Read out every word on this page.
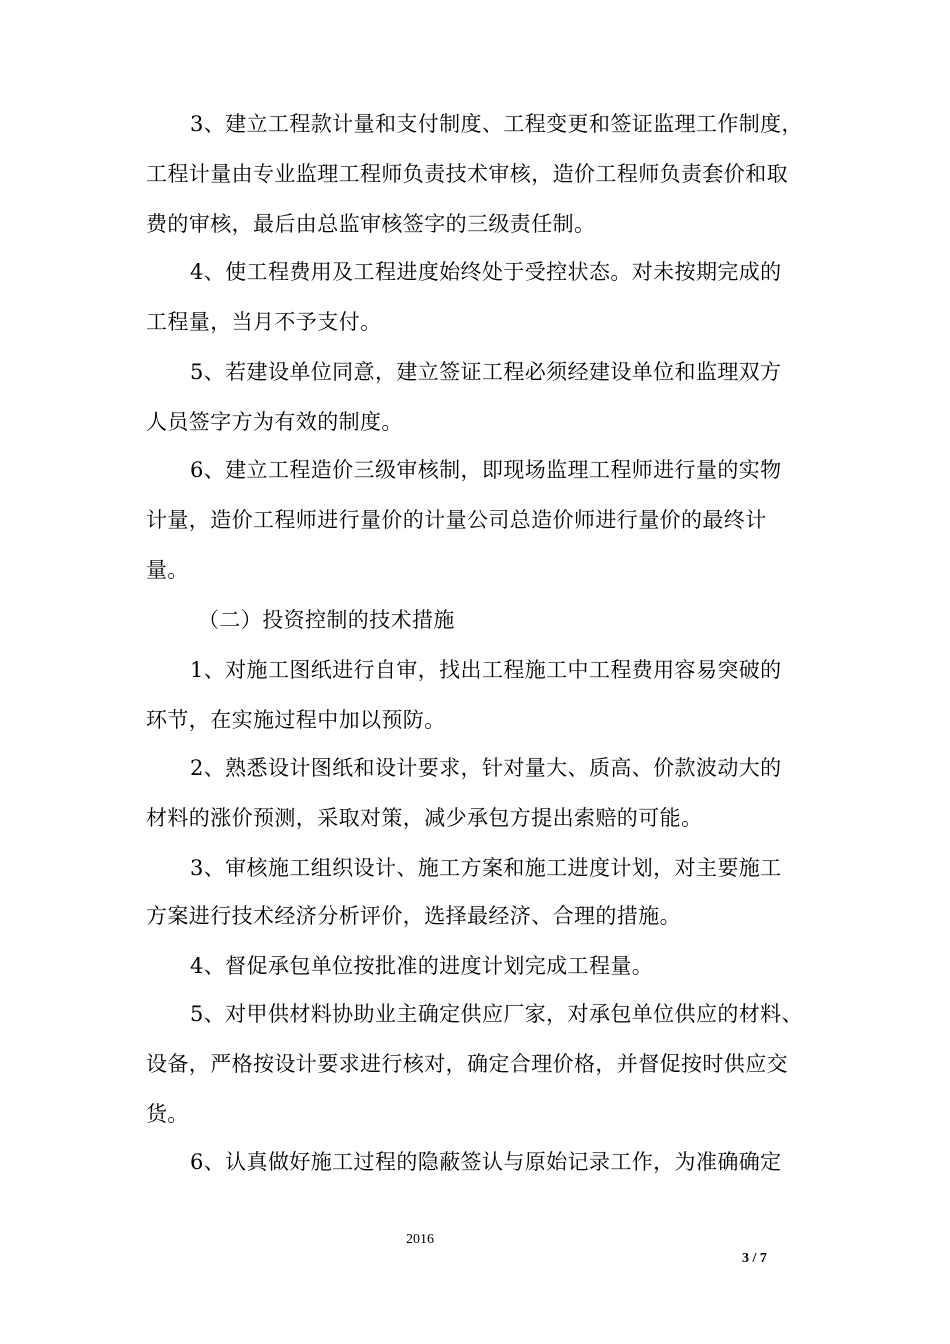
3、建立工程款计量和支付制度、工程变更和签证监理工作制度，
工程计量由专业监理工程师负责技术审核，造价工程师负责套价和取
费的审核，最后由总监审核签字的三级责任制。
4、使工程费用及工程进度始终处于受控状态。对未按期完成的
工程量，当月不予支付。
5、若建设单位同意，建立签证工程必须经建设单位和监理双方
人员签字方为有效的制度。
6、建立工程造价三级审核制，即现场监理工程师进行量的实物
计量，造价工程师进行量价的计量公司总造价师进行量价的最终计
量。
（二）投资控制的技术措施
1、对施工图纸进行自审，找出工程施工中工程费用容易突破的
环节，在实施过程中加以预防。
2、熟悉设计图纸和设计要求，针对量大、质高、价款波动大的
材料的涨价预测，采取对策，减少承包方提出索赔的可能。
3、审核施工组织设计、施工方案和施工进度计划，对主要施工
方案进行技术经济分析评价，选择最经济、合理的措施。
4、督促承包单位按批准的进度计划完成工程量。
5、对甲供材料协助业主确定供应厂家，对承包单位供应的材料、
设备，严格按设计要求进行核对，确定合理价格，并督促按时供应交
货。
6、认真做好施工过程的隐蔽签认与原始记录工作，为准确确定
2016
3 / 7
